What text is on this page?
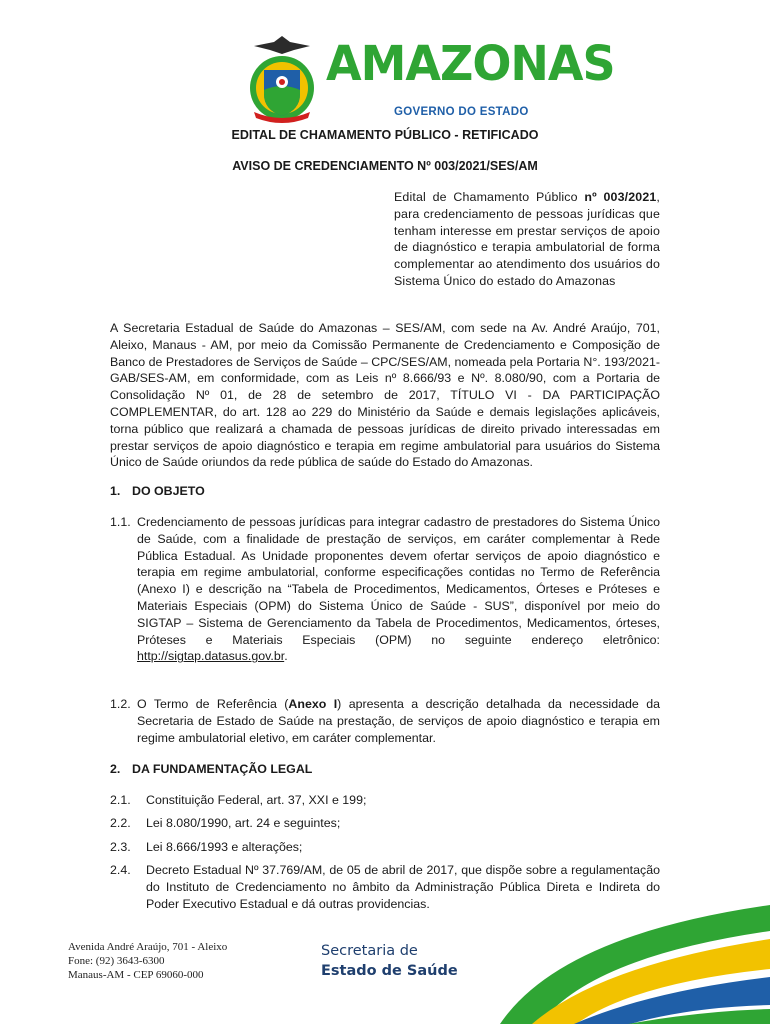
AMAZONAS
GOVERNO DO ESTADO
EDITAL DE CHAMAMENTO PÚBLICO - RETIFICADO
AVISO DE CREDENCIAMENTO Nº 003/2021/SES/AM
Edital de Chamamento Público nº 003/2021, para credenciamento de pessoas jurídicas que tenham interesse em prestar serviços de apoio de diagnóstico e terapia ambulatorial de forma complementar ao atendimento dos usuários do Sistema Único do estado do Amazonas
A Secretaria Estadual de Saúde do Amazonas – SES/AM, com sede na Av. André Araújo, 701, Aleixo, Manaus - AM, por meio da Comissão Permanente de Credenciamento e Composição de Banco de Prestadores de Serviços de Saúde – CPC/SES/AM, nomeada pela Portaria N°. 193/2021- GAB/SES-AM, em conformidade, com as Leis nº 8.666/93 e Nº. 8.080/90, com a Portaria de Consolidação Nº 01, de 28 de setembro de 2017, TÍTULO VI - DA PARTICIPAÇÃO COMPLEMENTAR, do art. 128 ao 229 do Ministério da Saúde e demais legislações aplicáveis, torna público que realizará a chamada de pessoas jurídicas de direito privado interessadas em prestar serviços de apoio diagnóstico e terapia em regime ambulatorial para usuários do Sistema Único de Saúde oriundos da rede pública de saúde do Estado do Amazonas.
1. DO OBJETO
1.1. Credenciamento de pessoas jurídicas para integrar cadastro de prestadores do Sistema Único de Saúde, com a finalidade de prestação de serviços, em caráter complementar à Rede Pública Estadual. As Unidade proponentes devem ofertar serviços de apoio diagnóstico e terapia em regime ambulatorial, conforme especificações contidas no Termo de Referência (Anexo I) e descrição na “Tabela de Procedimentos, Medicamentos, Órteses e Próteses e Materiais Especiais (OPM) do Sistema Único de Saúde - SUS”, disponível por meio do SIGTAP – Sistema de Gerenciamento da Tabela de Procedimentos, Medicamentos, órteses, Próteses e Materiais Especiais (OPM) no seguinte endereço eletrônico: http://sigtap.datasus.gov.br.
1.2. O Termo de Referência (Anexo I) apresenta a descrição detalhada da necessidade da Secretaria de Estado de Saúde na prestação, de serviços de apoio diagnóstico e terapia em regime ambulatorial eletivo, em caráter complementar.
2. DA FUNDAMENTAÇÃO LEGAL
2.1. Constituição Federal, art. 37, XXI e 199;
2.2. Lei 8.080/1990, art. 24 e seguintes;
2.3. Lei 8.666/1993 e alterações;
2.4. Decreto Estadual Nº 37.769/AM, de 05 de abril de 2017, que dispõe sobre a regulamentação do Instituto de Credenciamento no âmbito da Administração Pública Direta e Indireta do Poder Executivo Estadual e dá outras providencias.
Avenida André Araújo, 701 - Aleixo
Fone: (92) 3643-6300
Manaus-AM - CEP 69060-000
Secretaria de
Estado de Saúde
